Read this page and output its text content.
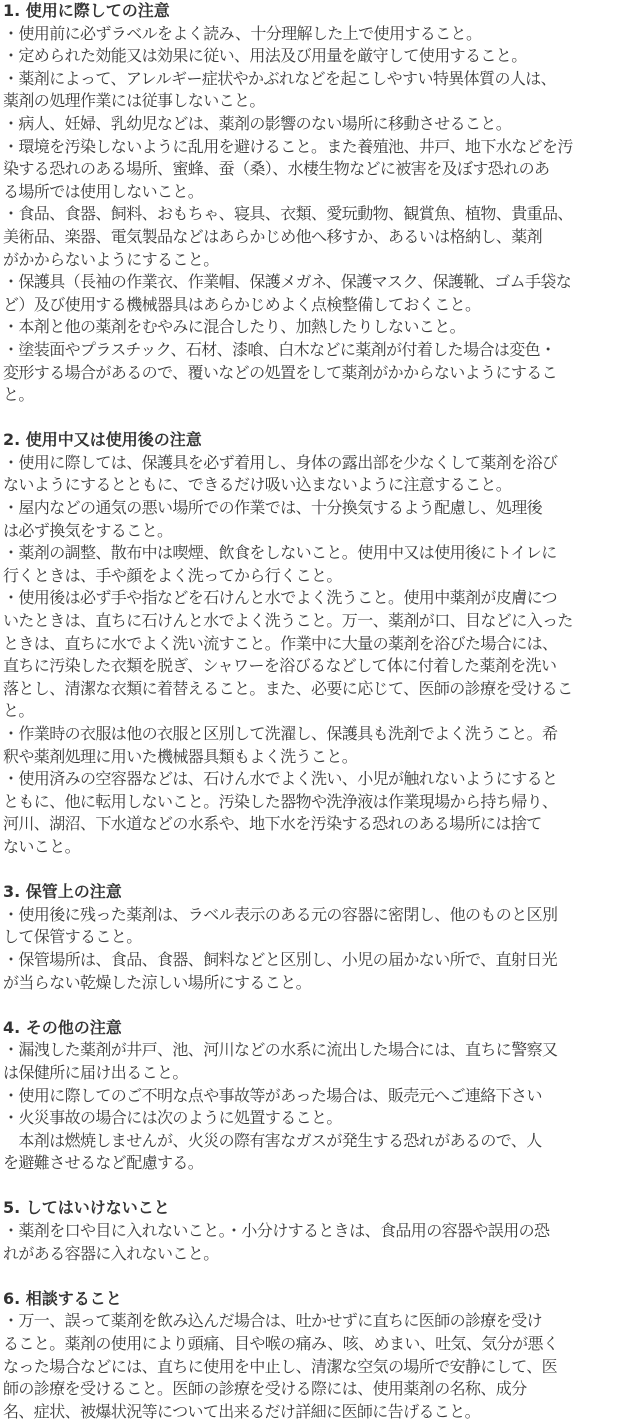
1. 使用に際しての注意
・使用前に必ずラベルをよく読み、十分理解した上で使用すること。
・定められた効能又は効果に従い、用法及び用量を厳守して使用すること。
・薬剤によって、アレルギー症状やかぶれなどを起こしやすい特異体質の人は、
薬剤の処理作業には従事しないこと。
・病人、妊婦、乳幼児などは、薬剤の影響のない場所に移動させること。
・環境を汚染しないように乱用を避けること。また養殖池、井戸、地下水などを汚
染する恐れのある場所、蜜蜂、蚕（桑）、水棲生物などに被害を及ぼす恐れのあ
る場所では使用しないこと。
・食品、食器、飼料、おもちゃ、寝具、衣類、愛玩動物、観賞魚、植物、貴重品、
美術品、楽器、電気製品などはあらかじめ他へ移すか、あるいは格納し、薬剤
がかからないようにすること。
・保護具（長袖の作業衣、作業帽、保護メガネ、保護マスク、保護靴、ゴム手袋な
ど）及び使用する機械器具はあらかじめよく点検整備しておくこと。
・本剤と他の薬剤をむやみに混合したり、加熱したりしないこと。
・塗装面やプラスチック、石材、漆喰、白木などに薬剤が付着した場合は変色・
変形する場合があるので、覆いなどの処置をして薬剤がかからないようにするこ
と。
2. 使用中又は使用後の注意
・使用に際しては、保護具を必ず着用し、身体の露出部を少なくして薬剤を浴び
ないようにするとともに、できるだけ吸い込まないように注意すること。
・屋内などの通気の悪い場所での作業では、十分換気するよう配慮し、処理後
は必ず換気をすること。
・薬剤の調整、散布中は喫煙、飲食をしないこと。使用中又は使用後にトイレに
行くときは、手や顔をよく洗ってから行くこと。
・使用後は必ず手や指などを石けんと水でよく洗うこと。使用中薬剤が皮膚につ
いたときは、直ちに石けんと水でよく洗うこと。万一、薬剤が口、目などに入った
ときは、直ちに水でよく洗い流すこと。作業中に大量の薬剤を浴びた場合には、
直ちに汚染した衣類を脱ぎ、シャワーを浴びるなどして体に付着した薬剤を洗い
落とし、清潔な衣類に着替えること。また、必要に応じて、医師の診療を受けるこ
と。
・作業時の衣服は他の衣服と区別して洗濯し、保護具も洗剤でよく洗うこと。希
釈や薬剤処理に用いた機械器具類もよく洗うこと。
・使用済みの空容器などは、石けん水でよく洗い、小児が触れないようにすると
ともに、他に転用しないこと。汚染した器物や洗浄液は作業現場から持ち帰り、
河川、湖沼、下水道などの水系や、地下水を汚染する恐れのある場所には捨て
ないこと。
3. 保管上の注意
・使用後に残った薬剤は、ラベル表示のある元の容器に密閉し、他のものと区別
して保管すること。
・保管場所は、食品、食器、飼料などと区別し、小児の届かない所で、直射日光
が当らない乾燥した涼しい場所にすること。
4. その他の注意
・漏洩した薬剤が井戸、池、河川などの水系に流出した場合には、直ちに警察又
は保健所に届け出ること。
・使用に際してのご不明な点や事故等があった場合は、販売元へご連絡下さい
・火災事故の場合には次のように処置すること。
　本剤は燃焼しませんが、火災の際有害なガスが発生する恐れがあるので、人
を避難させるなど配慮する。
5. してはいけないこと
・薬剤を口や目に入れないこと。・小分けするときは、食品用の容器や誤用の恐
れがある容器に入れないこと。
6. 相談すること
・万一、誤って薬剤を飲み込んだ場合は、吐かせずに直ちに医師の診療を受け
ること。薬剤の使用により頭痛、目や喉の痛み、咳、めまい、吐気、気分が悪く
なった場合などには、直ちに使用を中止し、清潔な空気の場所で安静にして、医
師の診療を受けること。医師の診療を受ける際には、使用薬剤の名称、成分
名、症状、被爆状況等について出来るだけ詳細に医師に告げること。
